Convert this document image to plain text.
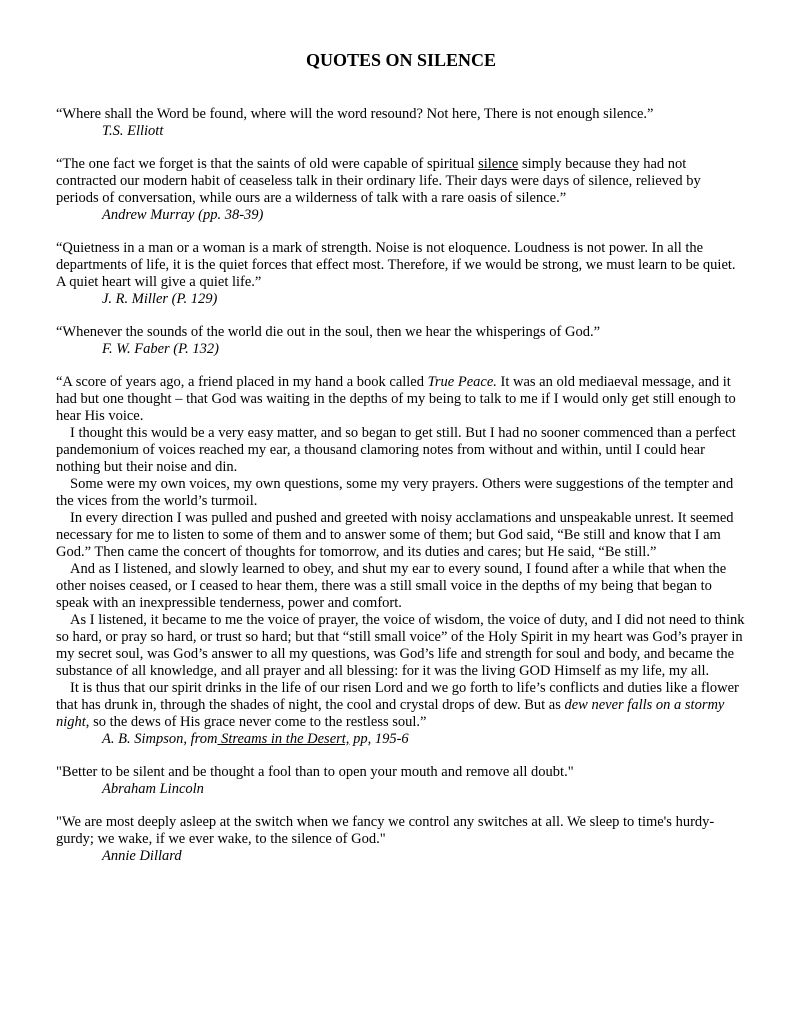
QUOTES ON SILENCE

“Where shall the Word be found, where will the word resound? Not here, There is not enough silence.”

T.S. Elliott

“The one fact we forget is that the saints of old were capable of spiritual silence simply because they had not contracted our modern habit of ceaseless talk in their ordinary life. Their days were days of silence, relieved by periods of conversation, while ours are a wilderness of talk with a rare oasis of silence.”

Andrew Murray (pp. 38-39)

“Quietness in a man or a woman is a mark of strength. Noise is not eloquence. Loudness is not power. In all the departments of life, it is the quiet forces that effect most. Therefore, if we would be strong, we must learn to be quiet. A quiet heart will give a quiet life.”

J. R. Miller (P. 129)

“Whenever the sounds of the world die out in the soul, then we hear the whisperings of God.”

F. W. Faber (P. 132)

“A score of years ago, a friend placed in my hand a book called True Peace. It was an old mediaeval message, and it had but one thought – that God was waiting in the depths of my being to talk to me if I would only get still enough to hear His voice.

I thought this would be a very easy matter, and so began to get still. But I had no sooner commenced than a perfect pandemonium of voices reached my ear, a thousand clamoring notes from without and within, until I could hear nothing but their noise and din.

Some were my own voices, my own questions, some my very prayers. Others were suggestions of the tempter and the vices from the world’s turmoil.

In every direction I was pulled and pushed and greeted with noisy acclamations and unspeakable unrest. It seemed necessary for me to listen to some of them and to answer some of them; but God said, “Be still and know that I am God.” Then came the concert of thoughts for tomorrow, and its duties and cares; but He said, “Be still.”

And as I listened, and slowly learned to obey, and shut my ear to every sound, I found after a while that when the other noises ceased, or I ceased to hear them, there was a still small voice in the depths of my being that began to speak with an inexpressible tenderness, power and comfort.

As I listened, it became to me the voice of prayer, the voice of wisdom, the voice of duty, and I did not need to think so hard, or pray so hard, or trust so hard; but that “still small voice” of the Holy Spirit in my heart was God’s prayer in my secret soul, was God’s answer to all my questions, was God’s life and strength for soul and body, and became the substance of all knowledge, and all prayer and all blessing: for it was the living GOD Himself as my life, my all.

It is thus that our spirit drinks in the life of our risen Lord and we go forth to life’s conflicts and duties like a flower that has drunk in, through the shades of night, the cool and crystal drops of dew. But as dew never falls on a stormy night, so the dews of His grace never come to the restless soul.”

A. B. Simpson, from Streams in the Desert, pp, 195-6

"Better to be silent and be thought a fool than to open your mouth and remove all doubt."

Abraham Lincoln

"We are most deeply asleep at the switch when we fancy we control any switches at all. We sleep to time's hurdy-gurdy; we wake, if we ever wake, to the silence of God."

Annie Dillard
